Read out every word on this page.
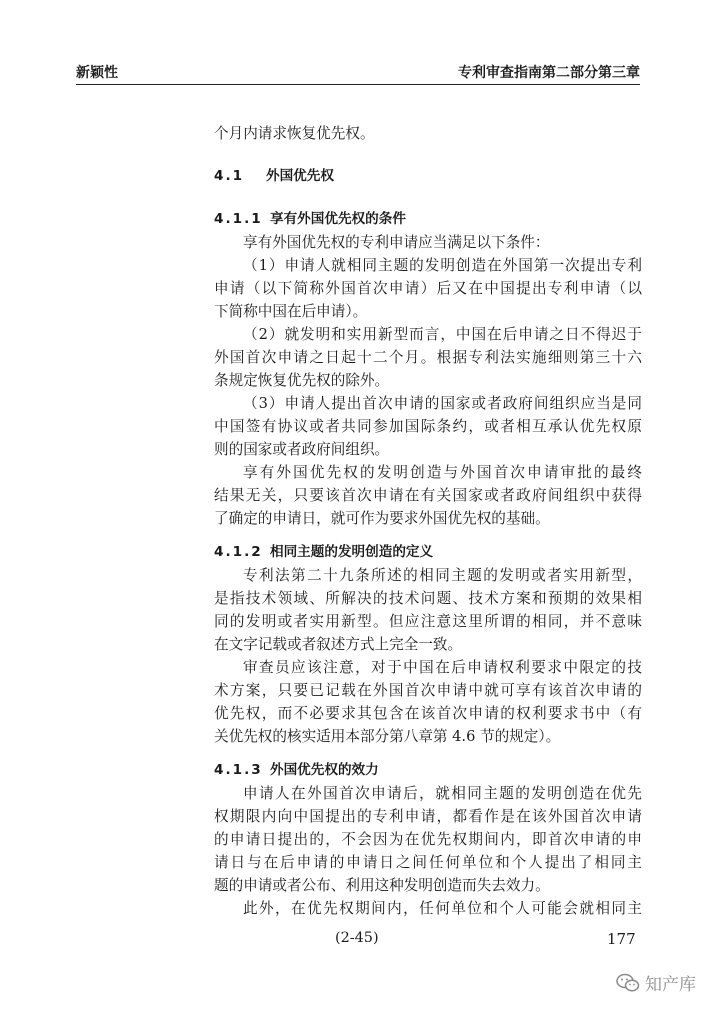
新颖性	专利审查指南第二部分第三章
个月内请求恢复优先权。
4.1 外国优先权
4.1.1 享有外国优先权的条件
享有外国优先权的专利申请应当满足以下条件：
（1）申请人就相同主题的发明创造在外国第一次提出专利
申请（以下简称外国首次申请）后又在中国提出专利申请（以
下简称中国在后申请）。
（2）就发明和实用新型而言，中国在后申请之日不得迟于
外国首次申请之日起十二个月。根据专利法实施细则第三十六
条规定恢复优先权的除外。
（3）申请人提出首次申请的国家或者政府间组织应当是同
中国签有协议或者共同参加国际条约，或者相互承认优先权原
则的国家或者政府间组织。
享有外国优先权的发明创造与外国首次申请审批的最终
结果无关，只要该首次申请在有关国家或者政府间组织中获得
了确定的申请日，就可作为要求外国优先权的基础。
4.1.2 相同主题的发明创造的定义
专利法第二十九条所述的相同主题的发明或者实用新型，
是指技术领域、所解决的技术问题、技术方案和预期的效果相
同的发明或者实用新型。但应注意这里所谓的相同，并不意味
在文字记载或者叙述方式上完全一致。
审查员应该注意，对于中国在后申请权利要求中限定的技
术方案，只要已记载在外国首次申请中就可享有该首次申请的
优先权，而不必要求其包含在该首次申请的权利要求书中（有
关优先权的核实适用本部分第八章第 4.6 节的规定）。
4.1.3 外国优先权的效力
申请人在外国首次申请后，就相同主题的发明创造在优先
权期限内向中国提出的专利申请，都看作是在该外国首次申请
的申请日提出的，不会因为在优先权期间内，即首次申请的申
请日与在后申请的申请日之间任何单位和个人提出了相同主
题的申请或者公布、利用这种发明创造而失去效力。
此外，在优先权期间内，任何单位和个人可能会就相同主
(2-45)	177
知产库
